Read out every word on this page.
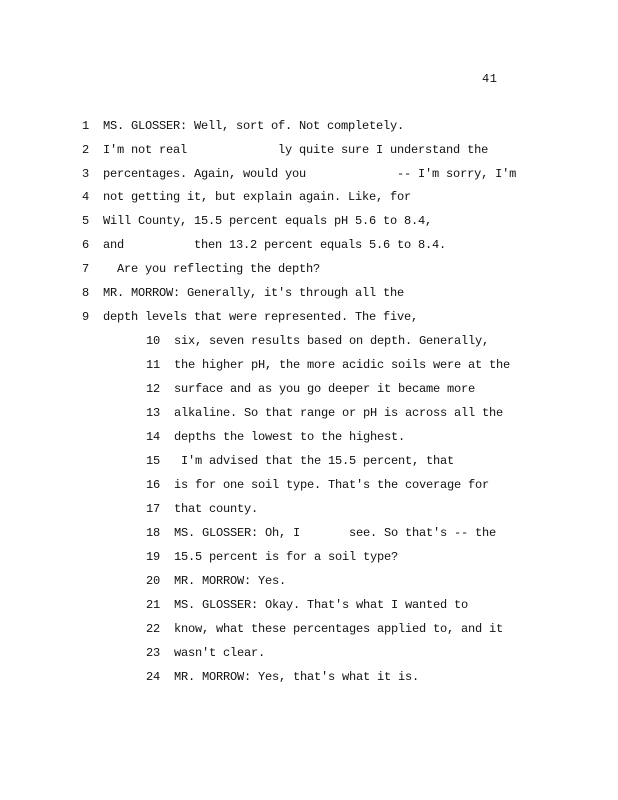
41
1  MS. GLOSSER: Well, sort of. Not completely.
2  I'm not real             ly quite sure I understand the
3  percentages. Again, would you             -- I'm sorry, I'm
4  not getting it, but explain again. Like, for
5  Will County, 15.5 percent equals pH 5.6 to 8.4,
6  and          then 13.2 percent equals 5.6 to 8.4.
7    Are you reflecting the depth?
8  MR. MORROW: Generally, it's through all the
9  depth levels that were represented. The five,
10  six, seven results based on depth. Generally,
11  the higher pH, the more acidic soils were at the
12  surface and as you go deeper it became more
13  alkaline. So that range or pH is across all the
14  depths the lowest to the highest.
15   I'm advised that the 15.5 percent, that
16  is for one soil type. That's the coverage for
17  that county.
18  MS. GLOSSER: Oh, I       see. So that's -- the
19  15.5 percent is for a soil type?
20  MR. MORROW: Yes.
21  MS. GLOSSER: Okay. That's what I wanted to
22  know, what these percentages applied to, and it
23  wasn't clear.
24  MR. MORROW: Yes, that's what it is.
